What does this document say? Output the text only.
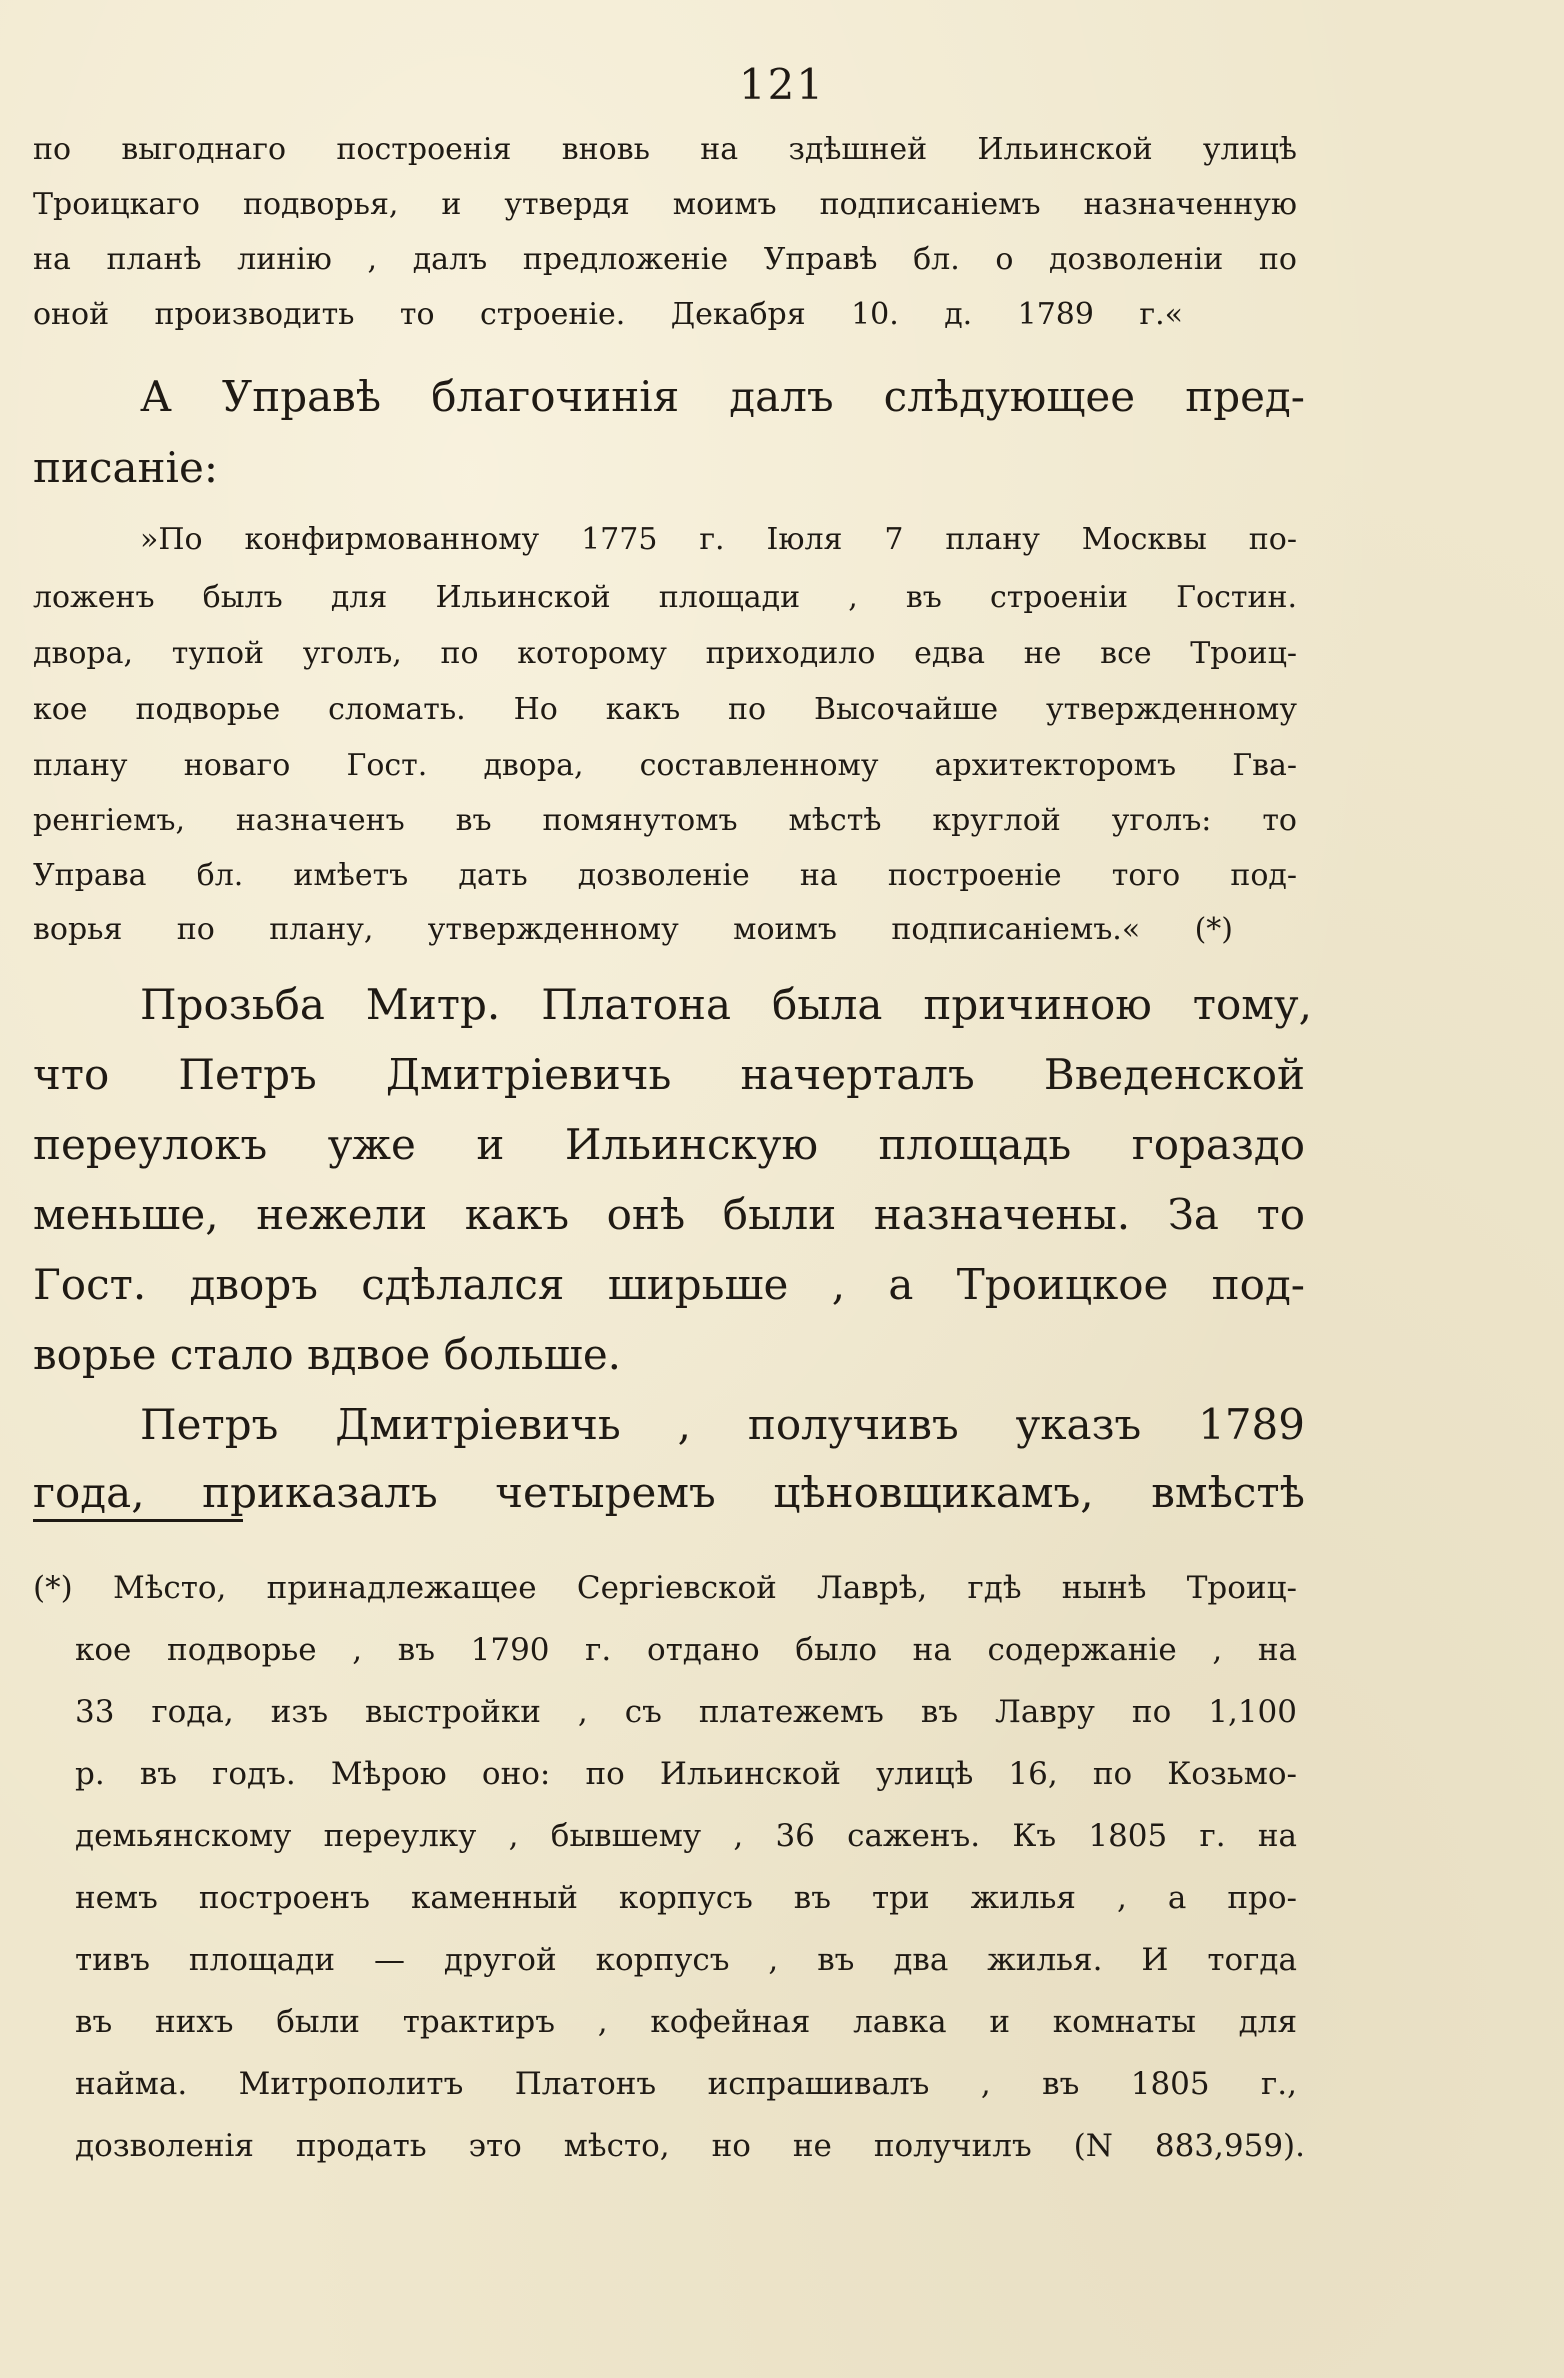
121
по выгоднаго построенія вновь на здѣшней Ильинской улицѣ
Троицкаго подворья, и утвердя моимъ подписаніемъ назначенную
на планѣ линію , далъ предложеніе Управѣ бл. о дозволеніи по
оной производить то строеніе. Декабря 10. д. 1789 г.«
А Управѣ благочинія далъ слѣдующее пред-
писаніе:
»По конфирмованному 1775 г. Іюля 7 плану Москвы по-
ложенъ былъ для Ильинской площади , въ строеніи Гостин.
двора, тупой уголъ, по которому приходило едва не все Троиц-
кое подворье сломать. Но какъ по Высочайше утвержденному
плану новаго Гост. двора, составленному архитекторомъ Гва-
ренгіемъ, назначенъ въ помянутомъ мѣстѣ круглой уголъ: то
Управа бл. имѣетъ дать дозволеніе на построеніе того под-
ворья по плану, утвержденному моимъ подписаніемъ.« (*)
Прозьба Митр. Платона была причиною тому,
что Петръ Дмитріевичь начерталъ Введенской
переулокъ уже и Ильинскую площадь гораздо
меньше, нежели какъ онѣ были назначены. За то
Гост. дворъ сдѣлался ширьше , а Троицкое под-
ворье стало вдвое больше.
Петръ Дмитріевичь , получивъ указъ 1789
года, приказалъ четыремъ цѣновщикамъ, вмѣстѣ
(*) Мѣсто, принадлежащее Сергіевской Лаврѣ, гдѣ нынѣ Троиц-
кое подворье , въ 1790 г. отдано было на содержаніе , на
33 года, изъ выстройки , съ платежемъ въ Лавру по 1,100
р. въ годъ. Мѣрою оно: по Ильинской улицѣ 16, по Козьмо-
демьянскому переулку , бывшему , 36 саженъ. Къ 1805 г. на
немъ построенъ каменный корпусъ въ три жилья , а про-
тивъ площади — другой корпусъ , въ два жилья. И тогда
въ нихъ были трактиръ , кофейная лавка и комнаты для
найма. Митрополитъ Платонъ испрашивалъ , въ 1805 г.,
дозволенія продать это мѣсто, но не получилъ (N 883,959).
